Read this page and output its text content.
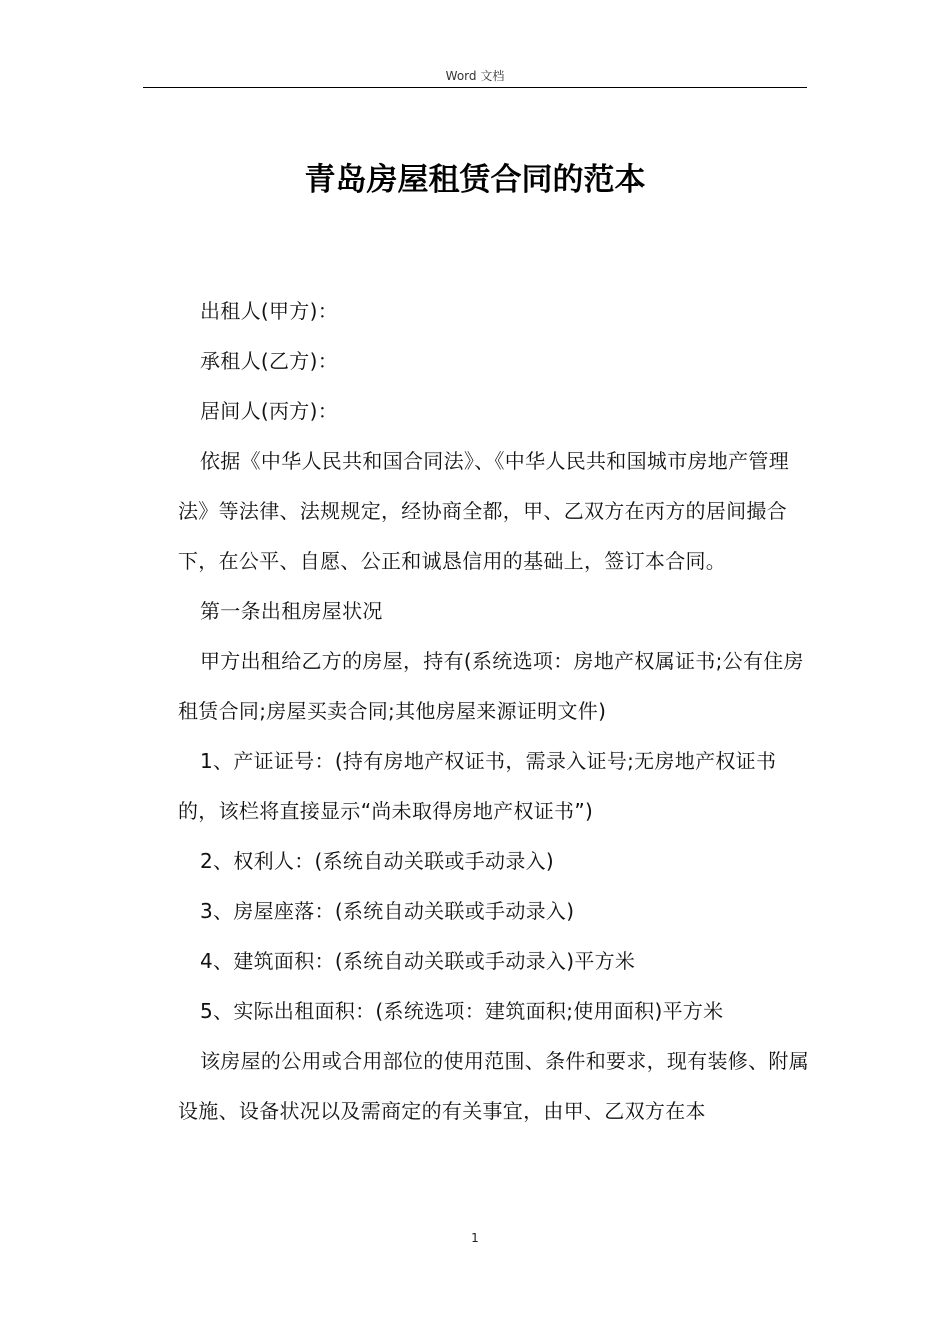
Word 文档
青岛房屋租赁合同的范本

出租人(甲方)：

承租人(乙方)：

居间人(丙方)：

依据《中华人民共和国合同法》、《中华人民共和国城市房地产管理法》等法律、法规规定，经协商全都，甲、乙双方在丙方的居间撮合下，在公平、自愿、公正和诚恳信用的基础上，签订本合同。

第一条出租房屋状况

甲方出租给乙方的房屋，持有(系统选项：房地产权属证书;公有住房租赁合同;房屋买卖合同;其他房屋来源证明文件)

1、产证证号：(持有房地产权证书，需录入证号;无房地产权证书的，该栏将直接显示“尚未取得房地产权证书”)

2、权利人：(系统自动关联或手动录入)

3、房屋座落：(系统自动关联或手动录入)

4、建筑面积：(系统自动关联或手动录入)平方米

5、实际出租面积：(系统选项：建筑面积;使用面积)平方米

该房屋的公用或合用部位的使用范围、条件和要求，现有装修、附属设施、设备状况以及需商定的有关事宜，由甲、乙双方在本

1
